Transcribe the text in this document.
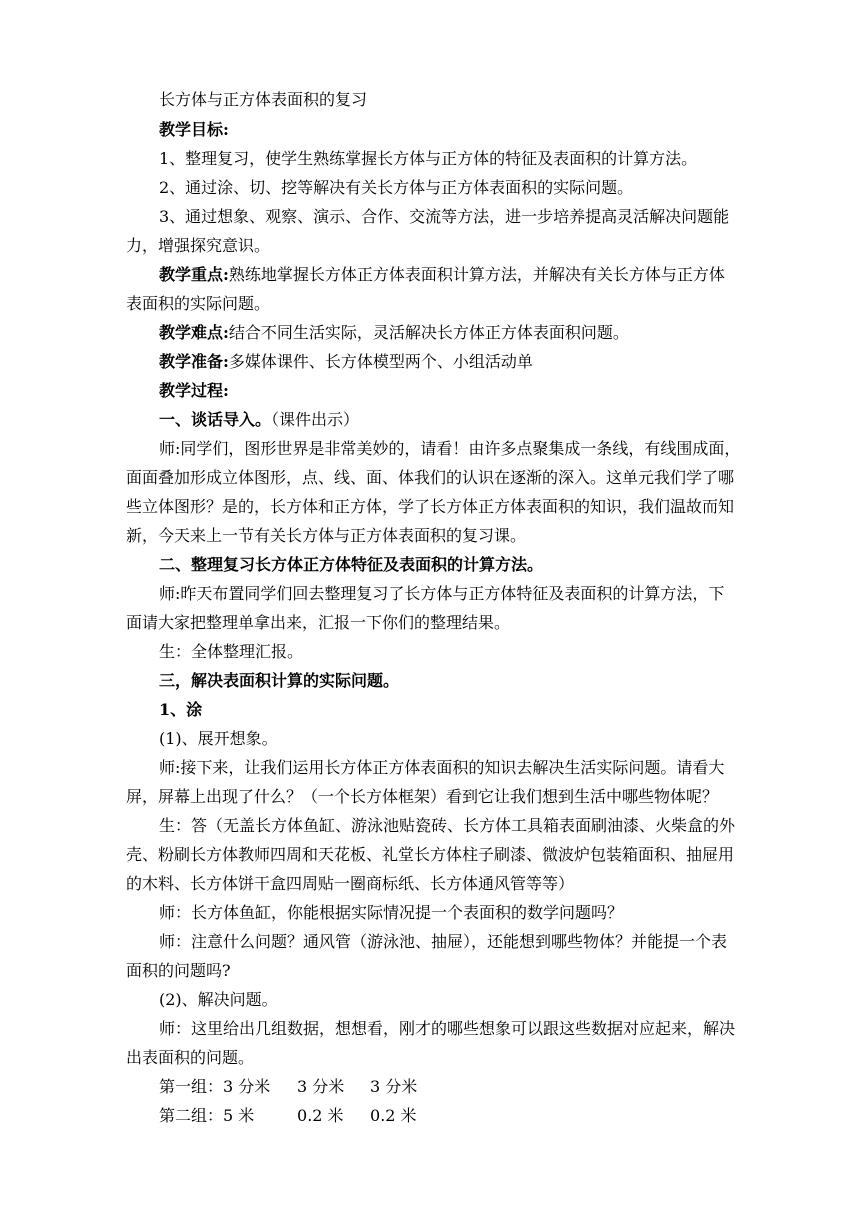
长方体与正方体表面积的复习

教学目标:

1、整理复习，使学生熟练掌握长方体与正方体的特征及表面积的计算方法。

2、通过涂、切、挖等解决有关长方体与正方体表面积的实际问题。

3、通过想象、观察、演示、合作、交流等方法，进一步培养提高灵活解决问题能

力，增强探究意识。

教学重点:熟练地掌握长方体正方体表面积计算方法，并解决有关长方体与正方体

表面积的实际问题。

教学难点:结合不同生活实际，灵活解决长方体正方体表面积问题。

教学准备:多媒体课件、长方体模型两个、小组活动单

教学过程:

一、谈话导入。（课件出示）

师:同学们，图形世界是非常美妙的，请看！由许多点聚集成一条线，有线围成面，

面面叠加形成立体图形，点、线、面、体我们的认识在逐渐的深入。这单元我们学了哪

些立体图形？是的，长方体和正方体，学了长方体正方体表面积的知识，我们温故而知

新，今天来上一节有关长方体与正方体表面积的复习课。

二、整理复习长方体正方体特征及表面积的计算方法。

师:昨天布置同学们回去整理复习了长方体与正方体特征及表面积的计算方法，下

面请大家把整理单拿出来，汇报一下你们的整理结果。

生：全体整理汇报。

三，解决表面积计算的实际问题。

1、涂

(1)、展开想象。

师:接下来，让我们运用长方体正方体表面积的知识去解决生活实际问题。请看大

屏，屏幕上出现了什么？（一个长方体框架）看到它让我们想到生活中哪些物体呢？

生：答（无盖长方体鱼缸、游泳池贴瓷砖、长方体工具箱表面刷油漆、火柴盒的外

壳、粉刷长方体教师四周和天花板、礼堂长方体柱子刷漆、微波炉包装箱面积、抽屉用

的木料、长方体饼干盒四周贴一圈商标纸、长方体通风管等等）

师：长方体鱼缸，你能根据实际情况提一个表面积的数学问题吗？

师：注意什么问题？通风管（游泳池、抽屉），还能想到哪些物体？并能提一个表

面积的问题吗?

(2)、解决问题。

师：这里给出几组数据，想想看，刚才的哪些想象可以跟这些数据对应起来，解决

出表面积的问题。

第一组：3 分米 3 分米 3 分米

第二组：5 米	0.2 米 0.2 米
